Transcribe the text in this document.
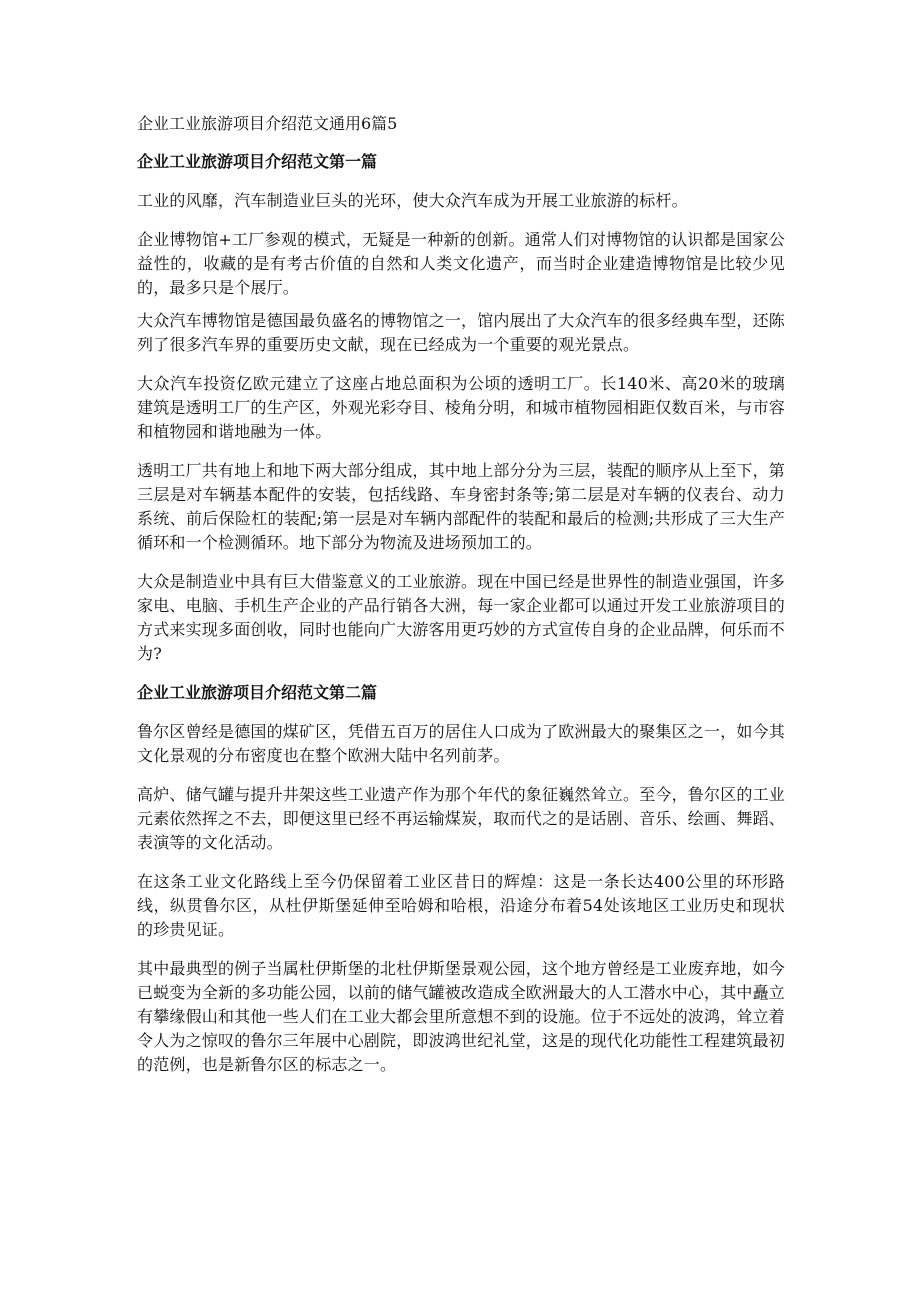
企业工业旅游项目介绍范文通用6篇5
企业工业旅游项目介绍范文第一篇

工业的风靡，汽车制造业巨头的光环，使大众汽车成为开展工业旅游的标杆。

企业博物馆+工厂参观的模式，无疑是一种新的创新。通常人们对博物馆的认识都是国家公益性的，收藏的是有考古价值的自然和人类文化遗产，而当时企业建造博物馆是比较少见的，最多只是个展厅。

大众汽车博物馆是德国最负盛名的博物馆之一，馆内展出了大众汽车的很多经典车型，还陈列了很多汽车界的重要历史文献，现在已经成为一个重要的观光景点。

大众汽车投资亿欧元建立了这座占地总面积为公顷的透明工厂。长140米、高20米的玻璃建筑是透明工厂的生产区，外观光彩夺目、棱角分明，和城市植物园相距仅数百米，与市容和植物园和谐地融为一体。

透明工厂共有地上和地下两大部分组成，其中地上部分分为三层，装配的顺序从上至下，第三层是对车辆基本配件的安装，包括线路、车身密封条等;第二层是对车辆的仪表台、动力系统、前后保险杠的装配;第一层是对车辆内部配件的装配和最后的检测;共形成了三大生产循环和一个检测循环。地下部分为物流及进场预加工的。

大众是制造业中具有巨大借鉴意义的工业旅游。现在中国已经是世界性的制造业强国，许多家电、电脑、手机生产企业的产品行销各大洲，每一家企业都可以通过开发工业旅游项目的方式来实现多面创收，同时也能向广大游客用更巧妙的方式宣传自身的企业品牌，何乐而不为?

企业工业旅游项目介绍范文第二篇

鲁尔区曾经是德国的煤矿区，凭借五百万的居住人口成为了欧洲最大的聚集区之一，如今其文化景观的分布密度也在整个欧洲大陆中名列前茅。

高炉、储气罐与提升井架这些工业遗产作为那个年代的象征巍然耸立。至今，鲁尔区的工业元素依然挥之不去，即便这里已经不再运输煤炭，取而代之的是话剧、音乐、绘画、舞蹈、表演等的文化活动。

在这条工业文化路线上至今仍保留着工业区昔日的辉煌：这是一条长达400公里的环形路线，纵贯鲁尔区，从杜伊斯堡延伸至哈姆和哈根，沿途分布着54处该地区工业历史和现状的珍贵见证。

其中最典型的例子当属杜伊斯堡的北杜伊斯堡景观公园，这个地方曾经是工业废弃地，如今已蜕变为全新的多功能公园，以前的储气罐被改造成全欧洲最大的人工潜水中心，其中矗立有攀缘假山和其他一些人们在工业大都会里所意想不到的设施。位于不远处的波鸿，耸立着令人为之惊叹的鲁尔三年展中心剧院，即波鸿世纪礼堂，这是的现代化功能性工程建筑最初的范例，也是新鲁尔区的标志之一。
